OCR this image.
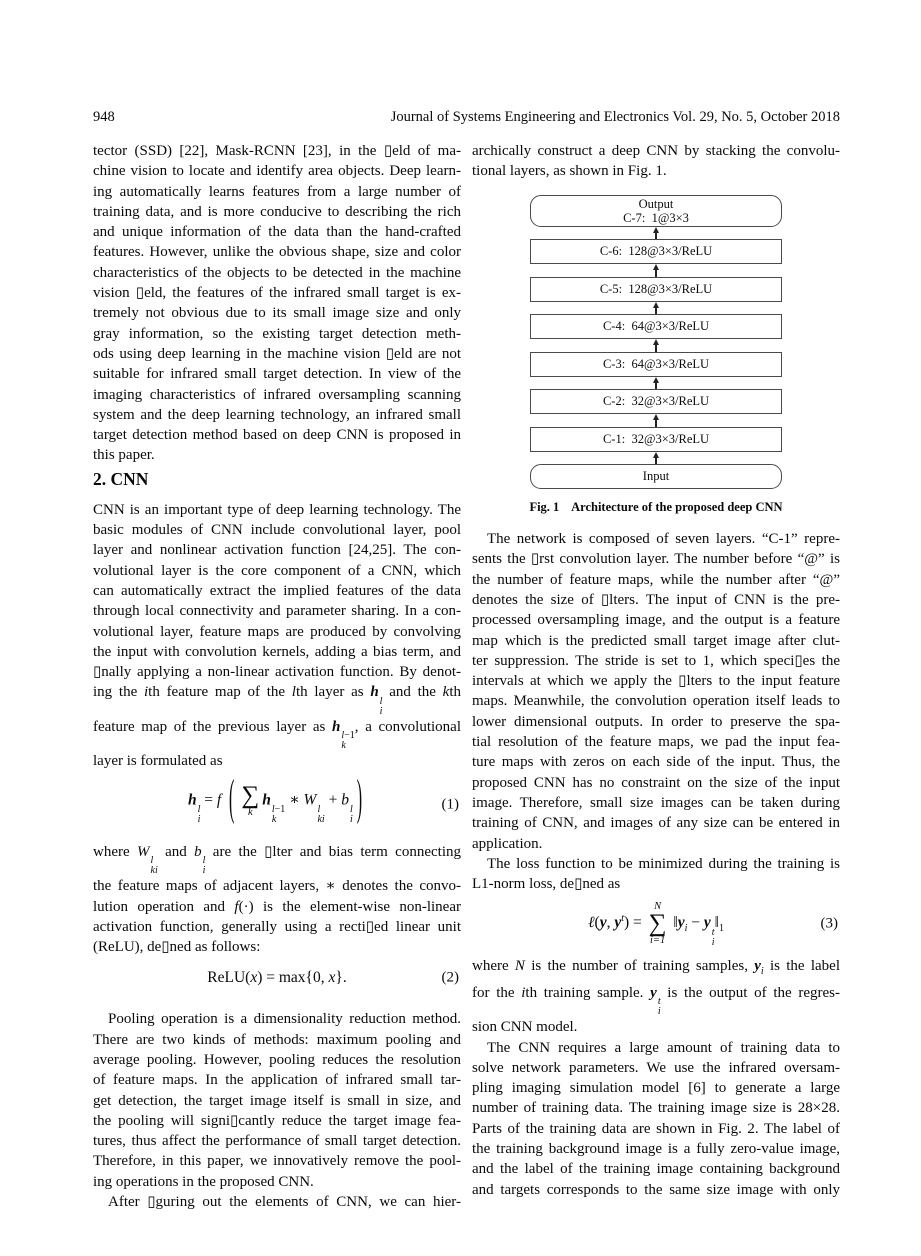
948	Journal of Systems Engineering and Electronics Vol. 29, No. 5, October 2018
tector (SSD) [22], Mask-RCNN [23], in the ▯eld of ma-
chine vision to locate and identify area objects. Deep learn-
ing automatically learns features from a large number of
training data, and is more conducive to describing the rich
and unique information of the data than the hand-crafted
features. However, unlike the obvious shape, size and color
characteristics of the objects to be detected in the machine
vision ▯eld, the features of the infrared small target is ex-
tremely not obvious due to its small image size and only
gray information, so the existing target detection meth-
ods using deep learning in the machine vision ▯eld are not
suitable for infrared small target detection. In view of the
imaging characteristics of infrared oversampling scanning
system and the deep learning technology, an infrared small
target detection method based on deep CNN is proposed in
this paper.
2. CNN
CNN is an important type of deep learning technology. The
basic modules of CNN include convolutional layer, pool
layer and nonlinear activation function [24,25]. The con-
volutional layer is the core component of a CNN, which
can automatically extract the implied features of the data
through local connectivity and parameter sharing. In a con-
volutional layer, feature maps are produced by convolving
the input with convolution kernels, adding a bias term, and
▯nally applying a non-linear activation function. By denot-
ing the ith feature map of the lth layer as h
l
i
and the kth
feature map of the previous layer as h
l−1
k
, a convolutional
layer is formulated as
h
l
i
= f ( ∑
k
h
l−1
k
∗ W
l
ki
+ b
l
i )	(1)
where W
l
ki
and b
l
i
are the ▯lter and bias term connecting
the feature maps of adjacent layers, ∗ denotes the convo-
lution operation and f(·) is the element-wise non-linear
activation function, generally using a recti▯ed linear unit
(ReLU), de▯ned as follows:
ReLU(x) = max{0, x}.	(2)
Pooling operation is a dimensionality reduction method.
There are two kinds of methods: maximum pooling and
average pooling. However, pooling reduces the resolution
of feature maps. In the application of infrared small tar-
get detection, the target image itself is small in size, and
the pooling will signi▯cantly reduce the target image fea-
tures, thus affect the performance of small target detection.
Therefore, in this paper, we innovatively remove the pool-
ing operations in the proposed CNN.
After ▯guring out the elements of CNN, we can hier-
archically construct a deep CNN by stacking the convolu-
tional layers, as shown in Fig. 1.
Output
C-7:  1@3×3
C-6:  128@3×3/ReLU
C-5:  128@3×3/ReLU
C-4:  64@3×3/ReLU
C-3:  64@3×3/ReLU
C-2:  32@3×3/ReLU
C-1:  32@3×3/ReLU
Input
Fig. 1    Architecture of the proposed deep CNN
The network is composed of seven layers. “C-1” repre-
sents the ▯rst convolution layer. The number before “@” is
the number of feature maps, while the number after “@”
denotes the size of ▯lters. The input of CNN is the pre-
processed oversampling image, and the output is a feature
map which is the predicted small target image after clut-
ter suppression. The stride is set to 1, which speci▯es the
intervals at which we apply the ▯lters to the input feature
maps. Meanwhile, the convolution operation itself leads to
lower dimensional outputs. In order to preserve the spa-
tial resolution of the feature maps, we pad the input fea-
ture maps with zeros on each side of the input. Thus, the
proposed CNN has no constraint on the size of the input
image. Therefore, small size images can be taken during
training of CNN, and images of any size can be entered in
application.
The loss function to be minimized during the training is
L1-norm loss, de▯ned as
ℓ(y, $y^t$) =
N
∑
i=1
$‖y_i - y$
t
i
$‖_1$	(3)
where N is the number of training samples, $y_i$ is the label
for the ith training sample. y
t
i
is the output of the regres-
sion CNN model.
The CNN requires a large amount of training data to
solve network parameters. We use the infrared oversam-
pling imaging simulation model [6] to generate a large
number of training data. The training image size is 28×28.
Parts of the training data are shown in Fig. 2. The label of
the training background image is a fully zero-value image,
and the label of the training image containing background
and targets corresponds to the same size image with only
